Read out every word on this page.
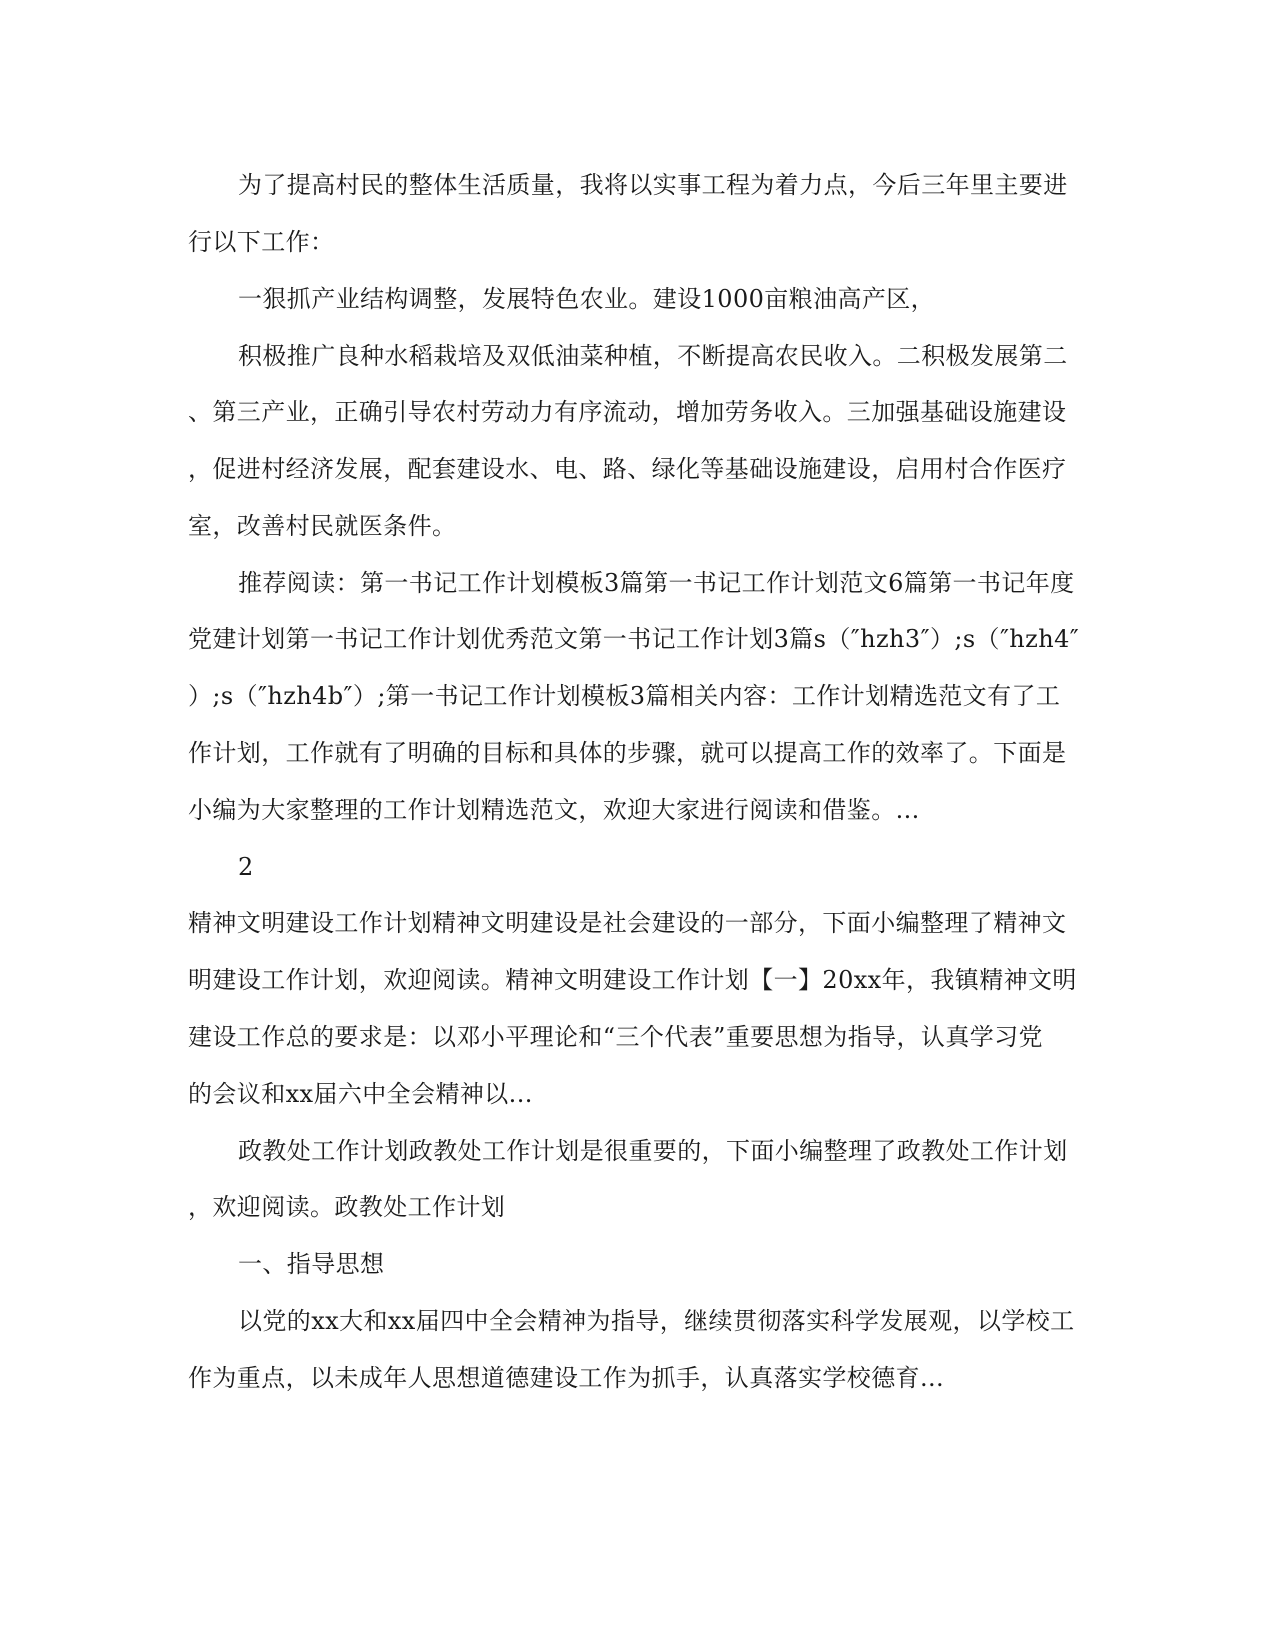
为了提高村民的整体生活质量，我将以实事工程为着力点，今后三年里主要进
行以下工作：
一狠抓产业结构调整，发展特色农业。建设1000亩粮油高产区，
积极推广良种水稻栽培及双低油菜种植，不断提高农民收入。二积极发展第二
、第三产业，正确引导农村劳动力有序流动，增加劳务收入。三加强基础设施建设
，促进村经济发展，配套建设水、电、路、绿化等基础设施建设，启用村合作医疗
室，改善村民就医条件。
推荐阅读：第一书记工作计划模板3篇第一书记工作计划范文6篇第一书记年度
党建计划第一书记工作计划优秀范文第一书记工作计划3篇s（″hzh3″）;s（″hzh4″
）;s（″hzh4b″）;第一书记工作计划模板3篇相关内容：工作计划精选范文有了工
作计划，工作就有了明确的目标和具体的步骤，就可以提高工作的效率了。下面是
小编为大家整理的工作计划精选范文，欢迎大家进行阅读和借鉴。...
2
精神文明建设工作计划精神文明建设是社会建设的一部分，下面小编整理了精神文
明建设工作计划，欢迎阅读。精神文明建设工作计划【一】20xx年，我镇精神文明
建设工作总的要求是：以邓小平理论和“三个代表”重要思想为指导，认真学习党
的会议和xx届六中全会精神以...
政教处工作计划政教处工作计划是很重要的，下面小编整理了政教处工作计划
，欢迎阅读。政教处工作计划
一、指导思想
以党的xx大和xx届四中全会精神为指导，继续贯彻落实科学发展观，以学校工
作为重点，以未成年人思想道德建设工作为抓手，认真落实学校德育...
